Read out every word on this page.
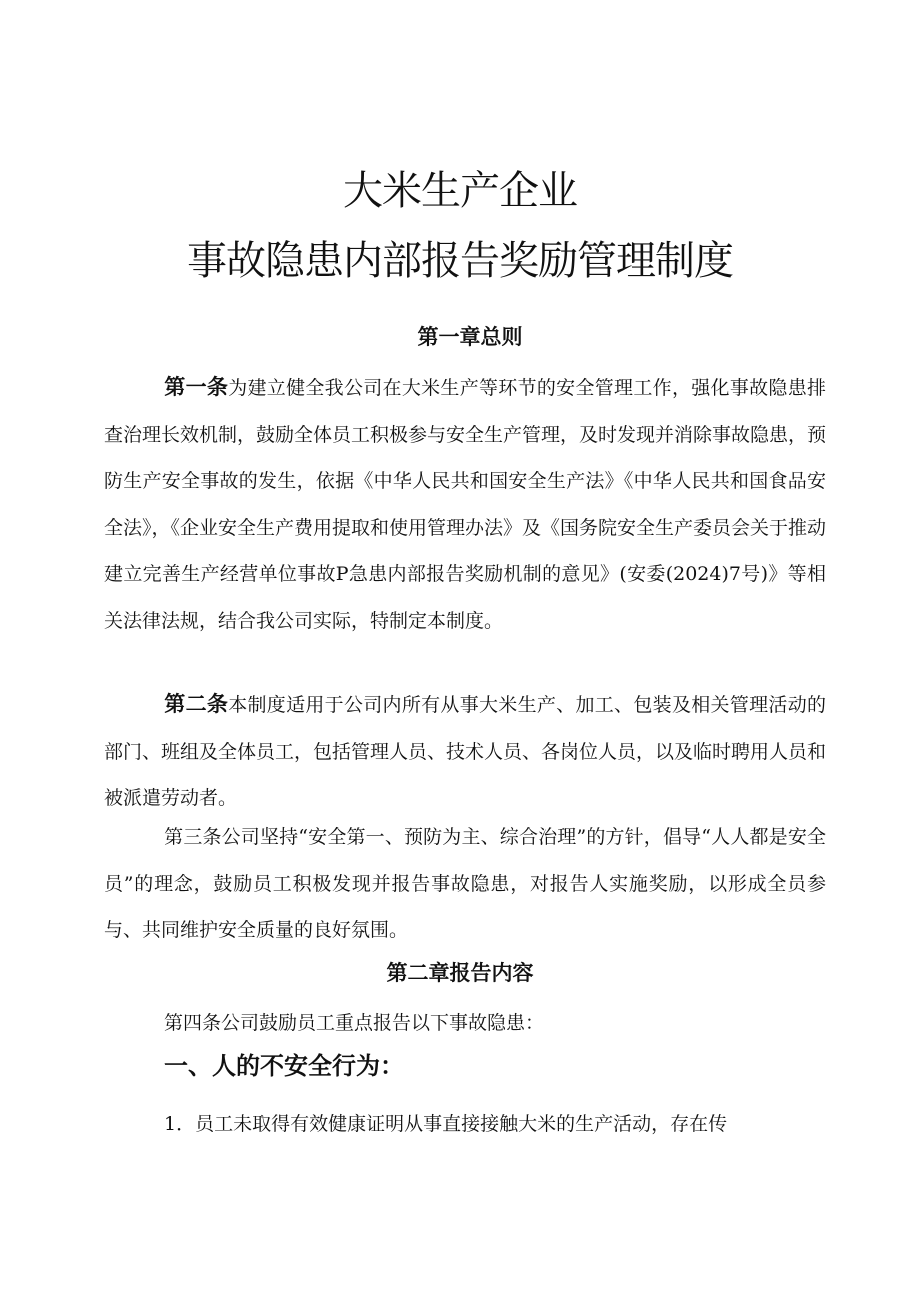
大米生产企业
事故隐患内部报告奖励管理制度
第一章总则

第一条为建立健全我公司在大米生产等环节的安全管理工作，强化事故隐患排查治理长效机制，鼓励全体员工积极参与安全生产管理，及时发现并消除事故隐患，预防生产安全事故的发生，依据《中华人民共和国安全生产法》《中华人民共和国食品安全法》，《企业安全生产费用提取和使用管理办法》及《国务院安全生产委员会关于推动建立完善生产经营单位事故P急患内部报告奖励机制的意见》(安委(2024)7号)》等相关法律法规，结合我公司实际，特制定本制度。

第二条本制度适用于公司内所有从事大米生产、加工、包装及相关管理活动的部门、班组及全体员工，包括管理人员、技术人员、各岗位人员，以及临时聘用人员和被派遣劳动者。

第三条公司坚持“安全第一、预防为主、综合治理”的方针，倡导“人人都是安全员”的理念，鼓励员工积极发现并报告事故隐患，对报告人实施奖励，以形成全员参与、共同维护安全质量的良好氛围。

第二章报告内容

第四条公司鼓励员工重点报告以下事故隐患：

一、人的不安全行为：

1．员工未取得有效健康证明从事直接接触大米的生产活动，存在传
